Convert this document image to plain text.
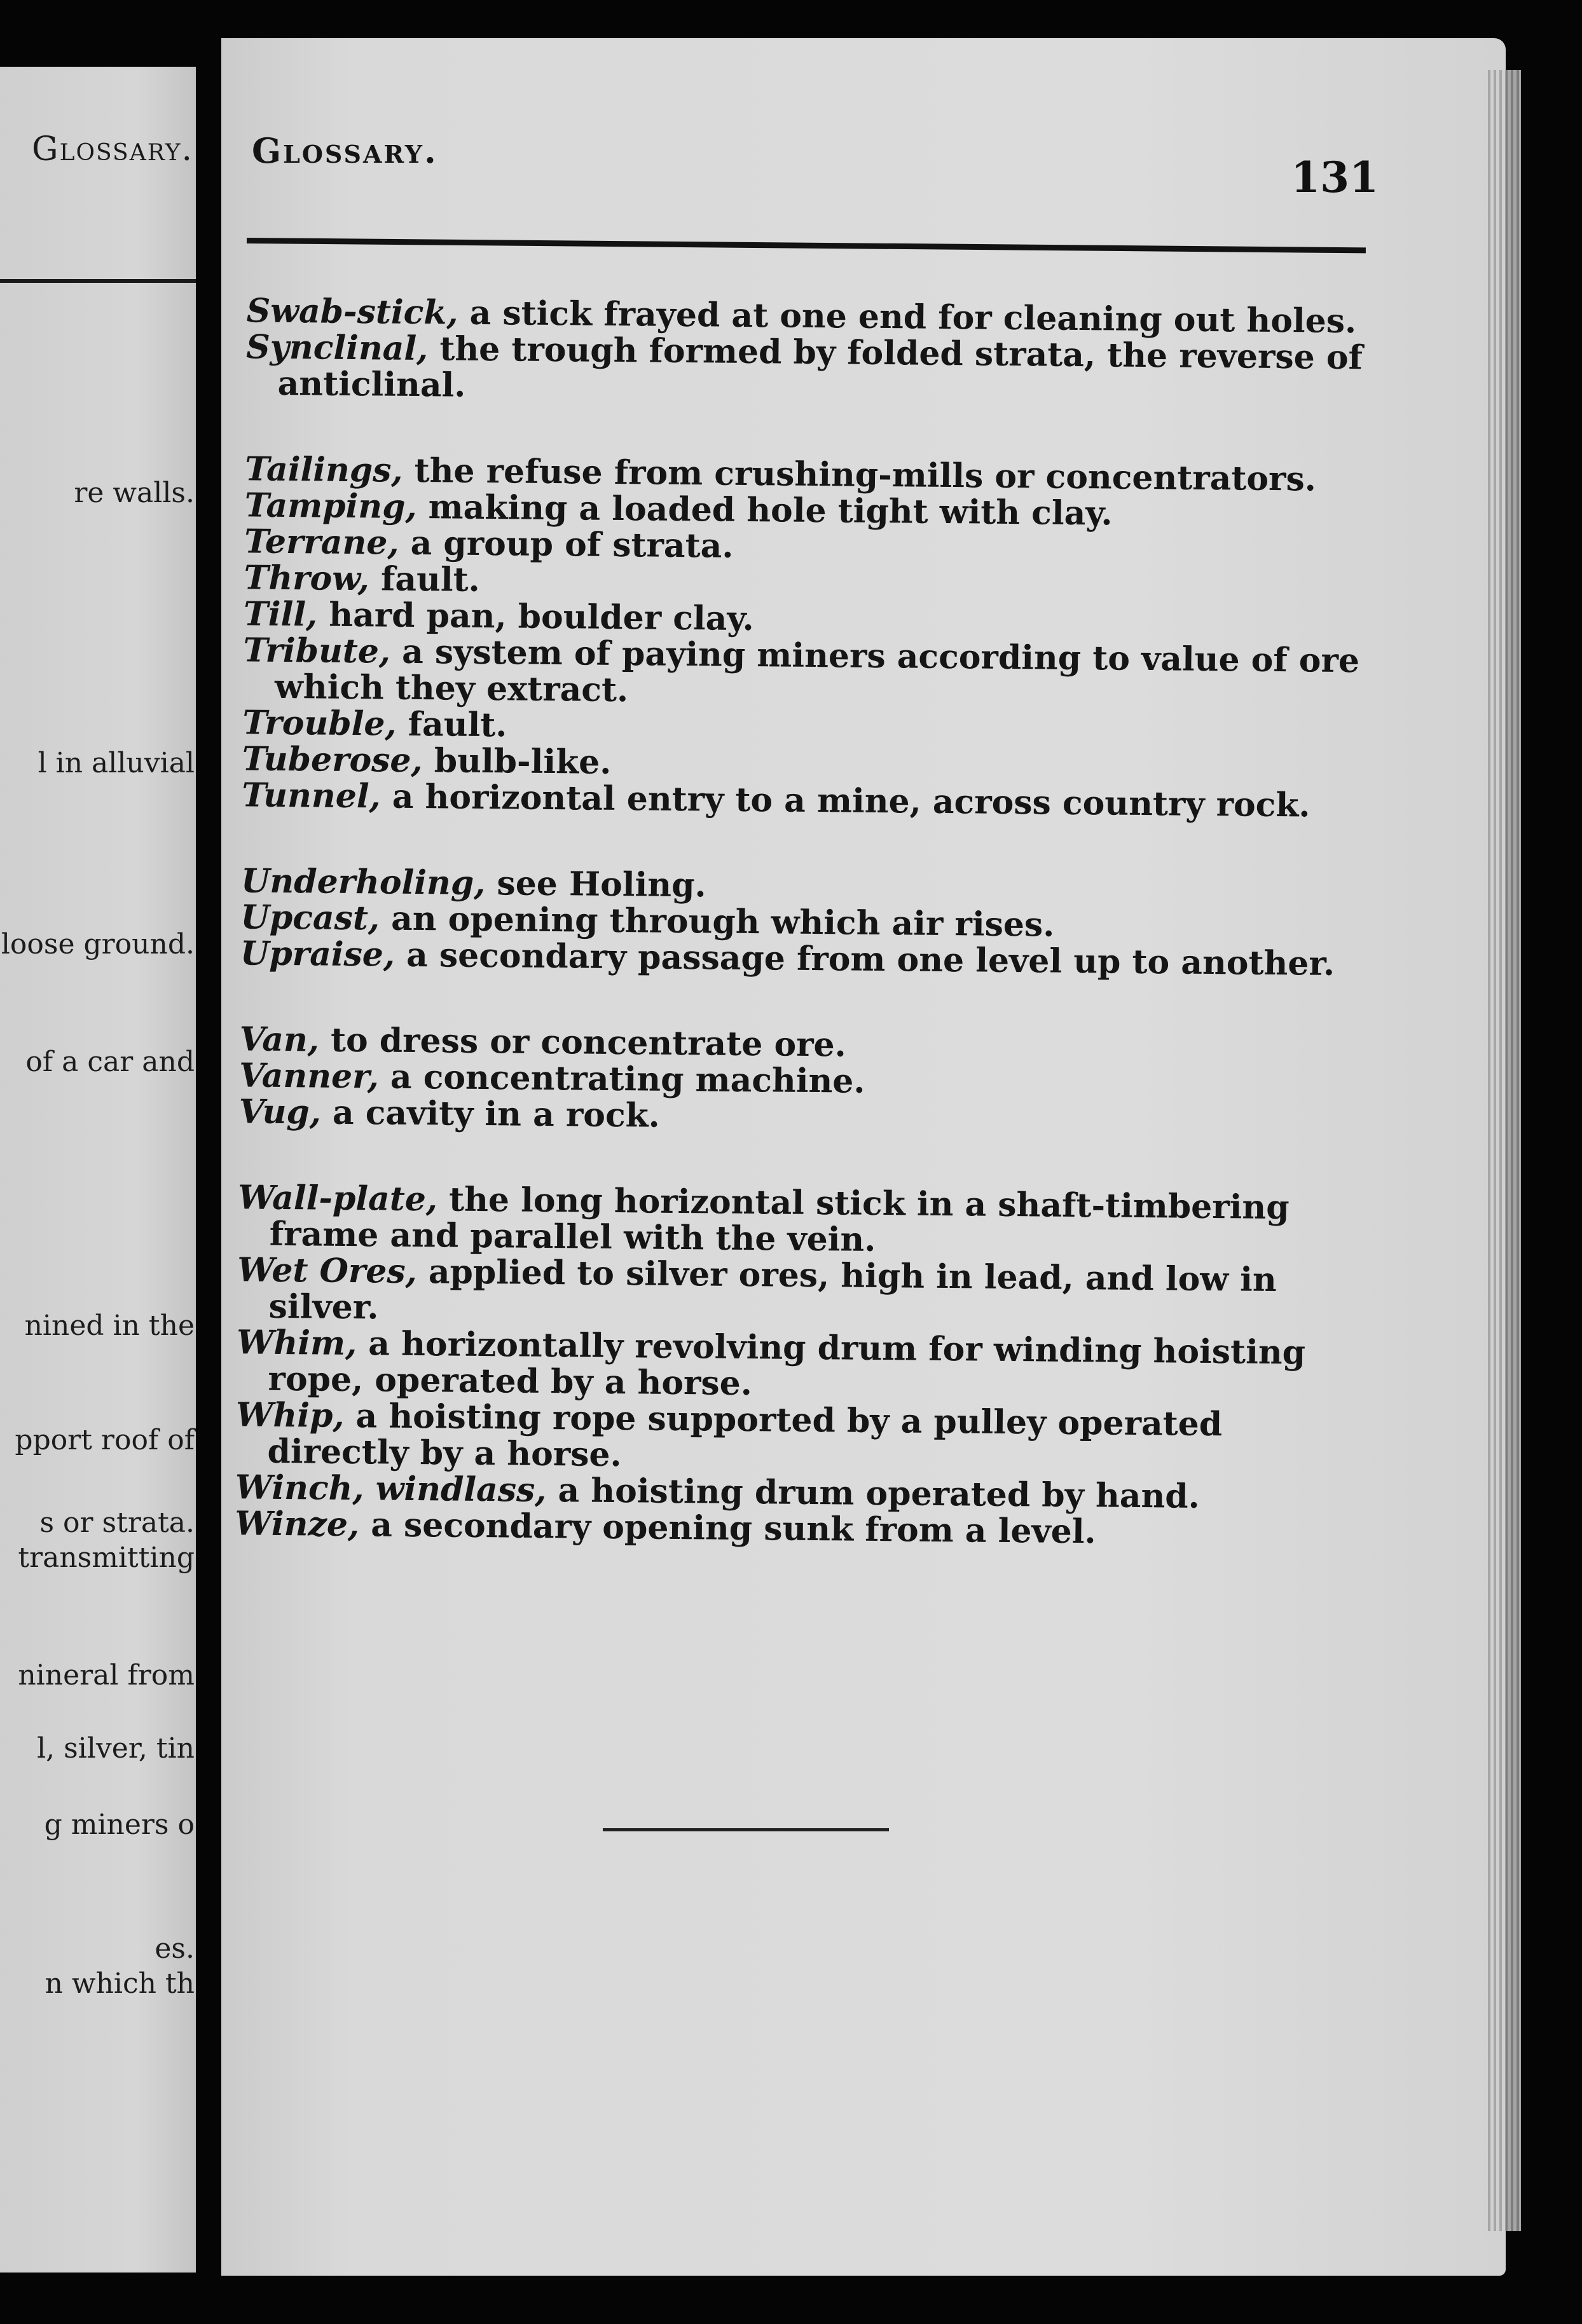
Glossary.
re walls.
l in alluvial
loose ground.
of a car and
nined in the
pport roof of
s or strata.
transmitting
nineral from
l, silver, tin
g miners o
es.
n which th
Glossary.
131

Swab-stick, a stick frayed at one end for cleaning out holes.

Synclinal, the trough formed by folded strata, the reverse of anticlinal.

Tailings, the refuse from crushing-mills or concentrators.

Tamping, making a loaded hole tight with clay.

Terrane, a group of strata.

Throw, fault.

Till, hard pan, boulder clay.

Tribute, a system of paying miners according to value of ore which they extract.

Trouble, fault.

Tuberose, bulb-like.

Tunnel, a horizontal entry to a mine, across country rock.

Underholing, see Holing.

Upcast, an opening through which air rises.

Upraise, a secondary passage from one level up to another.

Van, to dress or concentrate ore.

Vanner, a concentrating machine.

Vug, a cavity in a rock.

Wall-plate, the long horizontal stick in a shaft-timbering frame and parallel with the vein.

Wet Ores, applied to silver ores, high in lead, and low in silver.

Whim, a horizontally revolving drum for winding hoisting rope, operated by a horse.

Whip, a hoisting rope supported by a pulley operated directly by a horse.

Winch, windlass, a hoisting drum operated by hand.

Winze, a secondary opening sunk from a level.
